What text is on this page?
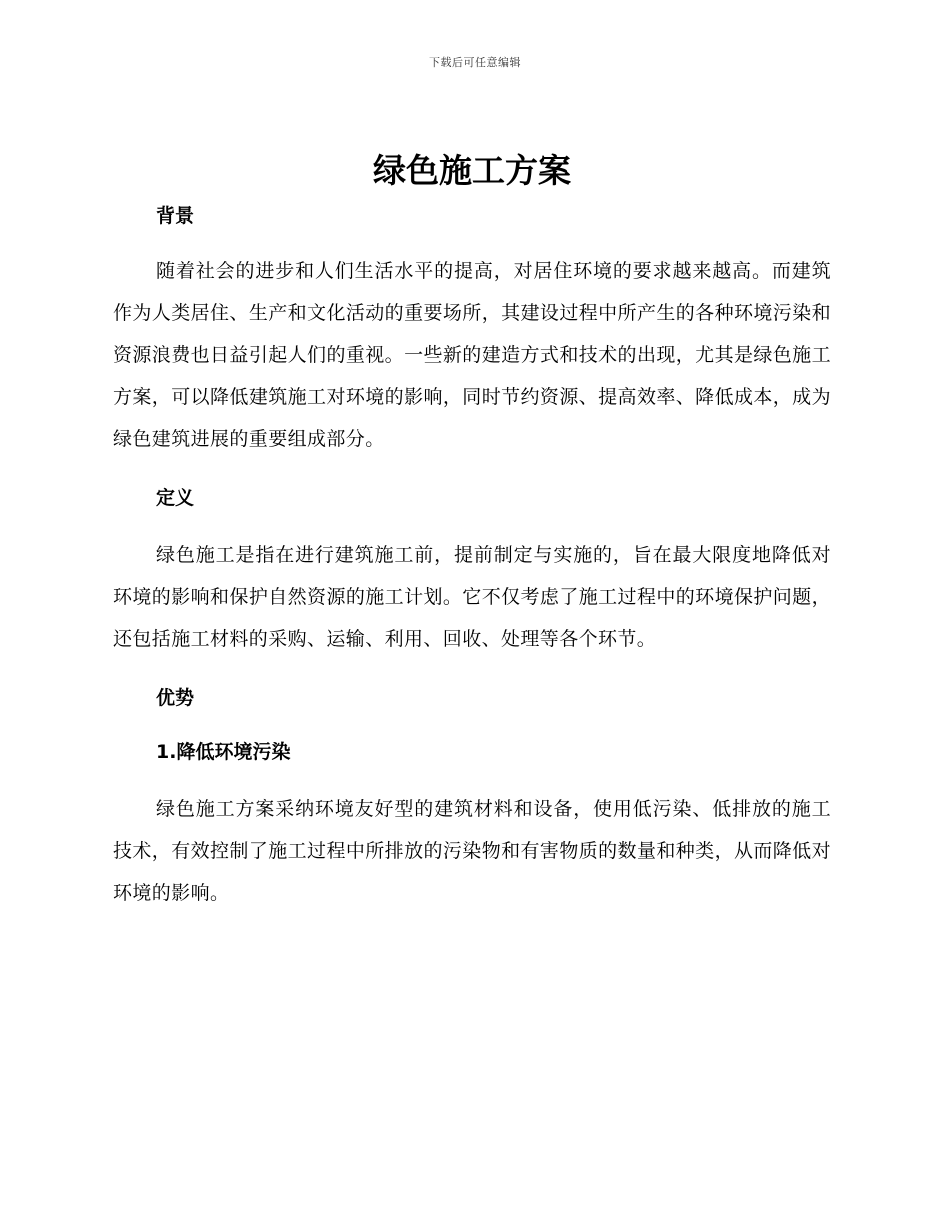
下载后可任意编辑
绿色施工方案
背景

随着社会的进步和人们生活水平的提高，对居住环境的要求越来越高。而建筑作为人类居住、生产和文化活动的重要场所，其建设过程中所产生的各种环境污染和资源浪费也日益引起人们的重视。一些新的建造方式和技术的出现，尤其是绿色施工方案，可以降低建筑施工对环境的影响，同时节约资源、提高效率、降低成本，成为绿色建筑进展的重要组成部分。

定义

绿色施工是指在进行建筑施工前，提前制定与实施的，旨在最大限度地降低对环境的影响和保护自然资源的施工计划。它不仅考虑了施工过程中的环境保护问题，还包括施工材料的采购、运输、利用、回收、处理等各个环节。

优势
1.降低环境污染

绿色施工方案采纳环境友好型的建筑材料和设备，使用低污染、低排放的施工技术，有效控制了施工过程中所排放的污染物和有害物质的数量和种类，从而降低对环境的影响。
